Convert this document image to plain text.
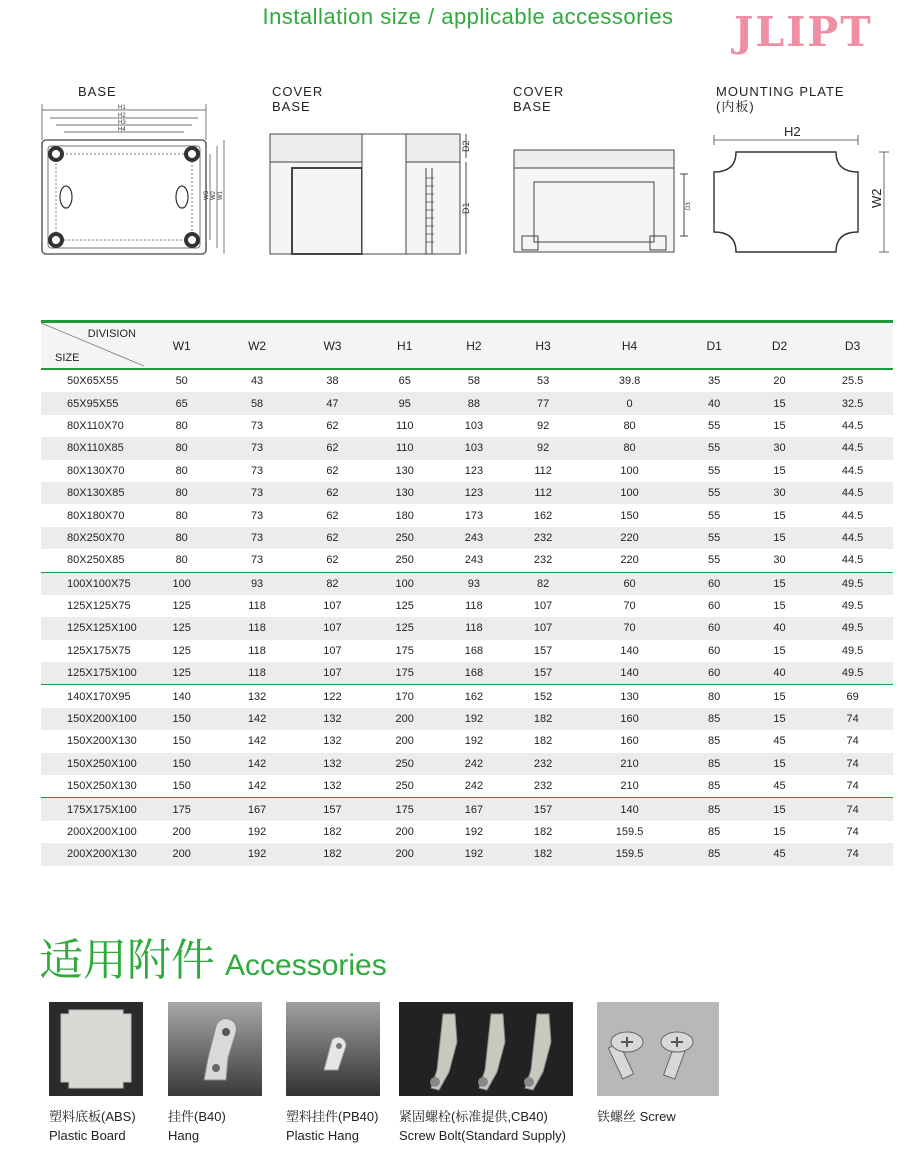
Installation size / applicable accessories	JLIPT
BASE	COVER
BASE
COVER
BASE
MOUNTING PLATE
(内板)
H1
H2
H3
H4
W3 W2 W1
D2
D1	D3
H2
W2
DIVISION
SIZE	W1	W2	W3	H1	H2	H3	H4	D1	D2	D3
50X65X55	50	43	38	65	58	53	39.8	35	20	25.5
65X95X55	65	58	47	95	88	77	0	40	15	32.5
80X110X70	80	73	62	110	103	92	80	55	15	44.5
80X110X85	80	73	62	110	103	92	80	55	30	44.5
80X130X70	80	73	62	130	123	112	100	55	15	44.5
80X130X85	80	73	62	130	123	112	100	55	30	44.5
80X180X70	80	73	62	180	173	162	150	55	15	44.5
80X250X70	80	73	62	250	243	232	220	55	15	44.5
80X250X85	80	73	62	250	243	232	220	55	30	44.5
100X100X75	100	93	82	100	93	82	60	60	15	49.5
125X125X75	125	118	107	125	118	107	70	60	15	49.5
125X125X100	125	118	107	125	118	107	70	60	40	49.5
125X175X75	125	118	107	175	168	157	140	60	15	49.5
125X175X100	125	118	107	175	168	157	140	60	40	49.5
140X170X95	140	132	122	170	162	152	130	80	15	69
150X200X100	150	142	132	200	192	182	160	85	15	74
150X200X130	150	142	132	200	192	182	160	85	45	74
150X250X100	150	142	132	250	242	232	210	85	15	74
150X250X130	150	142	132	250	242	232	210	85	45	74
175X175X100	175	167	157	175	167	157	140	85	15	74
200X200X100	200	192	182	200	192	182	159.5	85	15	74
200X200X130	200	192	182	200	192	182	159.5	85	45	74
适用附件 Accessories
塑料底板(ABS)
Plastic Board
挂件(B40)
Hang
塑料挂件(PB40)
Plastic Hang
紧固螺栓(标准提供,CB40)
Screw Bolt(Standard Supply)
铁螺丝 Screw
